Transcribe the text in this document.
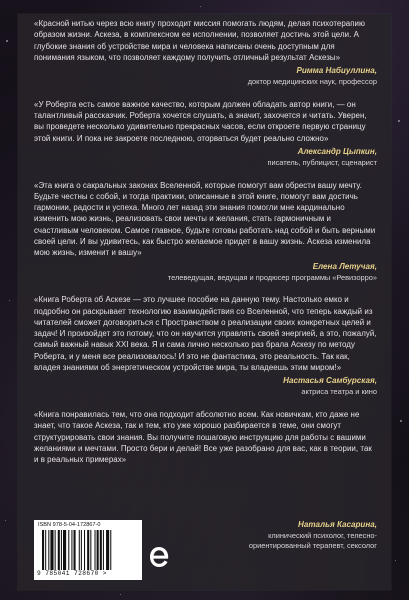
«Красной нитью через всю книгу проходит миссия помогать людям, делая психотерапию образом жизни. Аскеза, в комплексном ее исполнении, позволяет достичь этой цели. А глубокие знания об устройстве мира и человека написаны очень доступным для понимания языком, что позволяет каждому получить отличный результат Аскезы»

Римма Набиуллина,

доктор медицинских наук, профессор

«У Роберта есть самое важное качество, которым должен обладать автор книги, — он талантливый рассказчик. Роберта хочется слушать, а значит, захочется и читать. Уверен, вы проведете несколько удивительно прекрасных часов, если откроете первую страницу этой книги. И пока не закроете последнюю, оторваться будет реально сложно»

Александр Цыпкин,

писатель, публицист, сценарист

«Эта книга о сакральных законах Вселенной, которые помогут вам обрести вашу мечту. Будьте честны с собой, и тогда практики, описанные в этой книге, помогут вам достичь гармонии, радости и успеха. Много лет назад эти знания помогли мне кардинально изменить мою жизнь, реализовать свои мечты и желания, стать гармоничным и счастливым человеком. Самое главное, будьте готовы работать над собой и быть верными своей цели. И вы удивитесь, как быстро желаемое придет в вашу жизнь. Аскеза изменила мою жизнь, изменит и вашу»

Елена Летучая,

телеведущая, ведущая и продюсер программы «Ревизорро»

«Книга Роберта об Аскезе — это лучшее пособие на данную тему. Настолько емко и подробно он раскрывает технологию взаимодействия со Вселенной, что теперь каждый из читателей сможет договориться с Пространством о реализации своих конкретных целей и задач! И произойдет это потому, что он научится управлять своей энергией, а это, пожалуй, самый важный навык XXI века. Я и сама лично несколько раз брала Аскезу по методу Роберта, и у меня все реализовалось! И это не фантастика, это реальность. Так как, владея знаниями об энергетическом устройстве мира, ты владеешь этим миром!»

Настасья Самбурская,

актриса театра и кино

«Книга понравилась тем, что она подходит абсолютно всем. Как новичкам, кто даже не знает, что такое Аскеза, так и тем, кто уже хорошо разбирается в теме, они смогут структурировать свои знания. Вы получите пошаговую инструкцию для работы с вашими желаниями и мечтами. Просто бери и делай! Все уже разобрано для вас, как в теории, так и в реальных примерах»

ISBN 978-5-04-172867-0
9 785041 728670 >

Наталья Касарина,

клинический психолог, телесно-

ориентированный терапевт, сексолог
